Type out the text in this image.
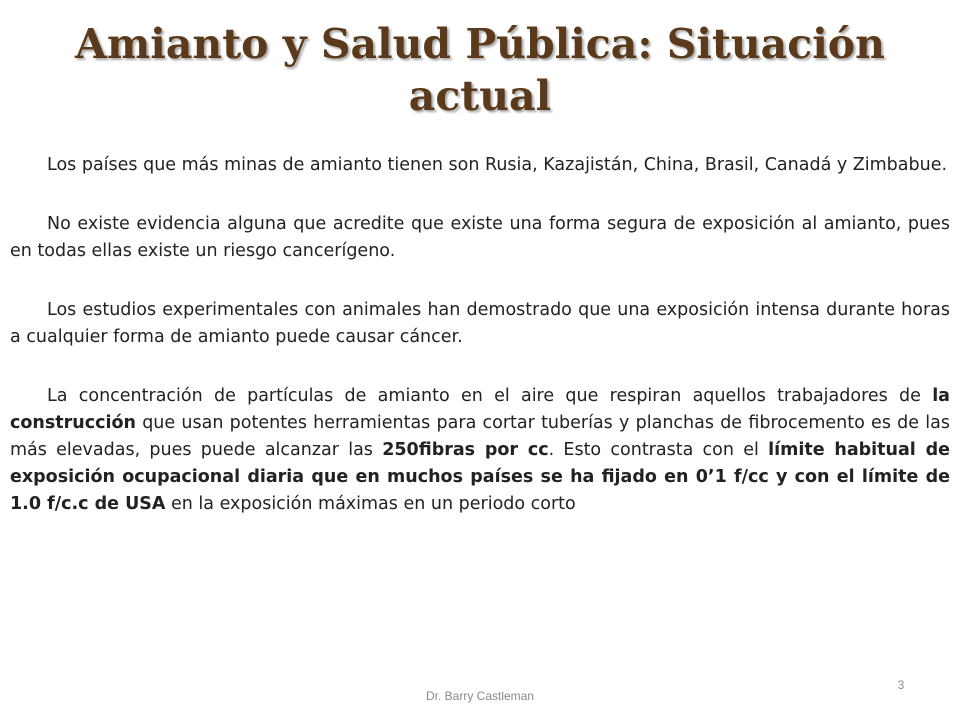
Amianto y Salud Pública: Situación actual

Los países que más minas de amianto tienen son Rusia, Kazajistán, China, Brasil, Canadá y Zimbabue.

No existe evidencia alguna que acredite que existe una forma segura de exposición al amianto, pues en todas ellas existe un riesgo cancerígeno.

Los estudios experimentales con animales han demostrado que una exposición intensa durante horas a cualquier forma de amianto puede causar cáncer.

La concentración de partículas de amianto en el aire que respiran aquellos trabajadores de la construcción que usan potentes herramientas para cortar tuberías y planchas de fibrocemento es de las más elevadas, pues puede alcanzar las 250fibras por cc. Esto contrasta con el límite habitual de exposición ocupacional diaria que en muchos países se ha fijado en 0’1 f/cc y con el límite de 1.0 f/c.c de USA en la exposición máximas en un periodo corto

Dr. Barry Castleman
3
